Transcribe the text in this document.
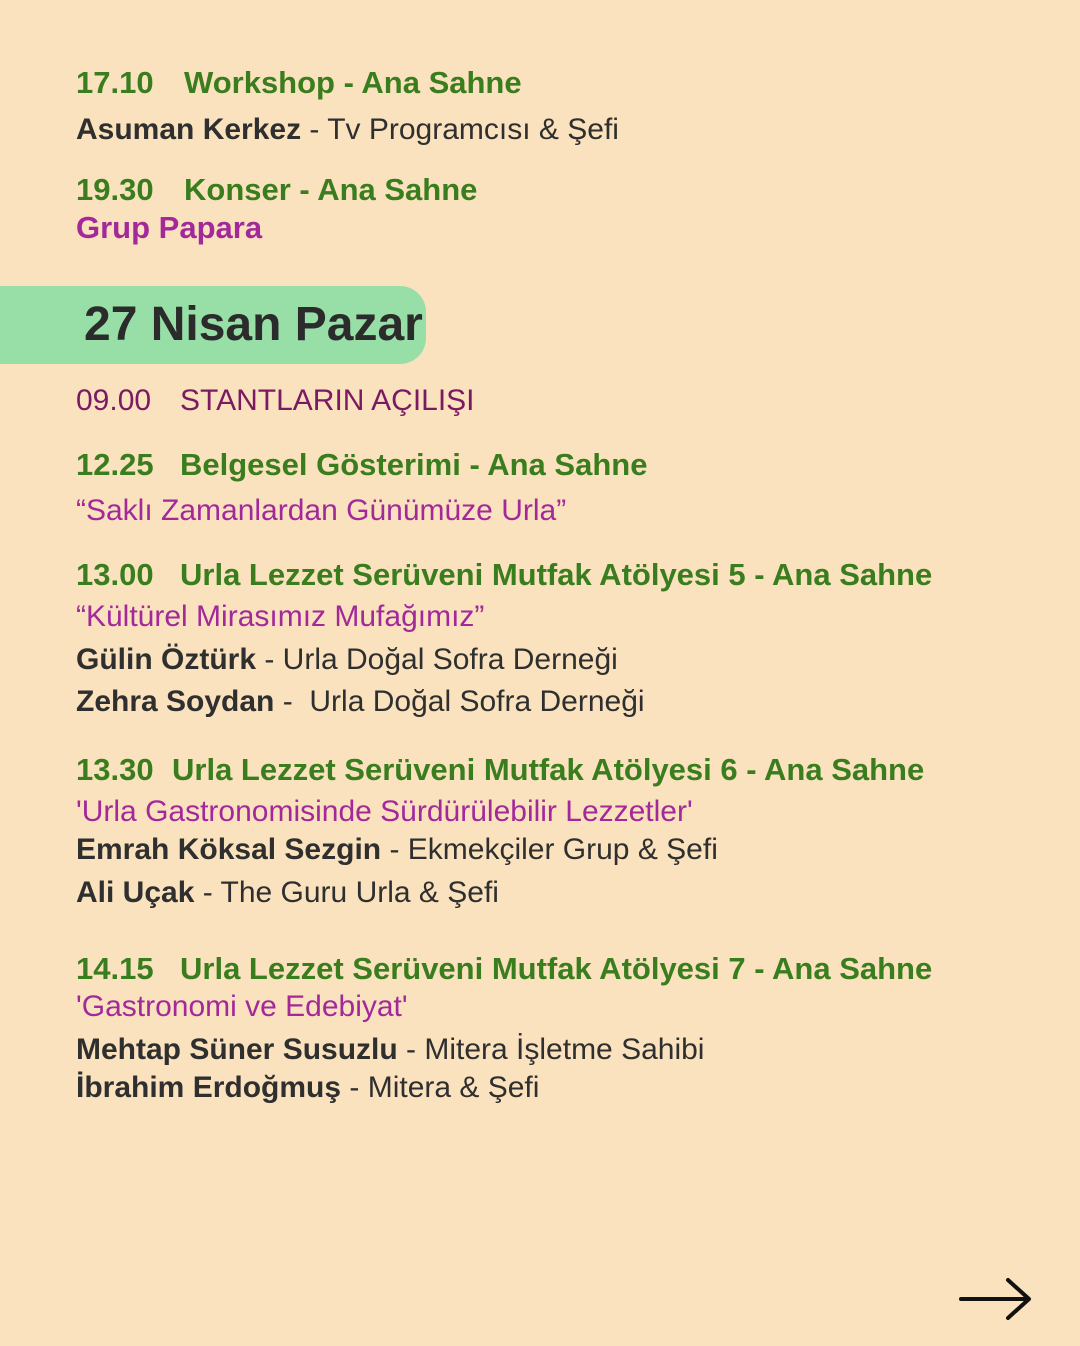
17.10 Workshop - Ana Sahne
Asuman Kerkez - Tv Programcısı & Şefi
19.30 Konser - Ana Sahne
Grup Papara
27 Nisan Pazar
09.00 STANTLARIN AÇILIŞI
12.25 Belgesel Gösterimi - Ana Sahne
“Saklı Zamanlardan Günümüze Urla”
13.00 Urla Lezzet Serüveni Mutfak Atölyesi 5 - Ana Sahne
“Kültürel Mirasımız Mufağımız”
Gülin Öztürk - Urla Doğal Sofra Derneği
Zehra Soydan -  Urla Doğal Sofra Derneği
13.30 Urla Lezzet Serüveni Mutfak Atölyesi 6 - Ana Sahne
'Urla Gastronomisinde Sürdürülebilir Lezzetler'
Emrah Köksal Sezgin - Ekmekçiler Grup & Şefi
Ali Uçak - The Guru Urla & Şefi
14.15 Urla Lezzet Serüveni Mutfak Atölyesi 7 - Ana Sahne
'Gastronomi ve Edebiyat'
Mehtap Süner Susuzlu - Mitera İşletme Sahibi
İbrahim Erdoğmuş - Mitera & Şefi
